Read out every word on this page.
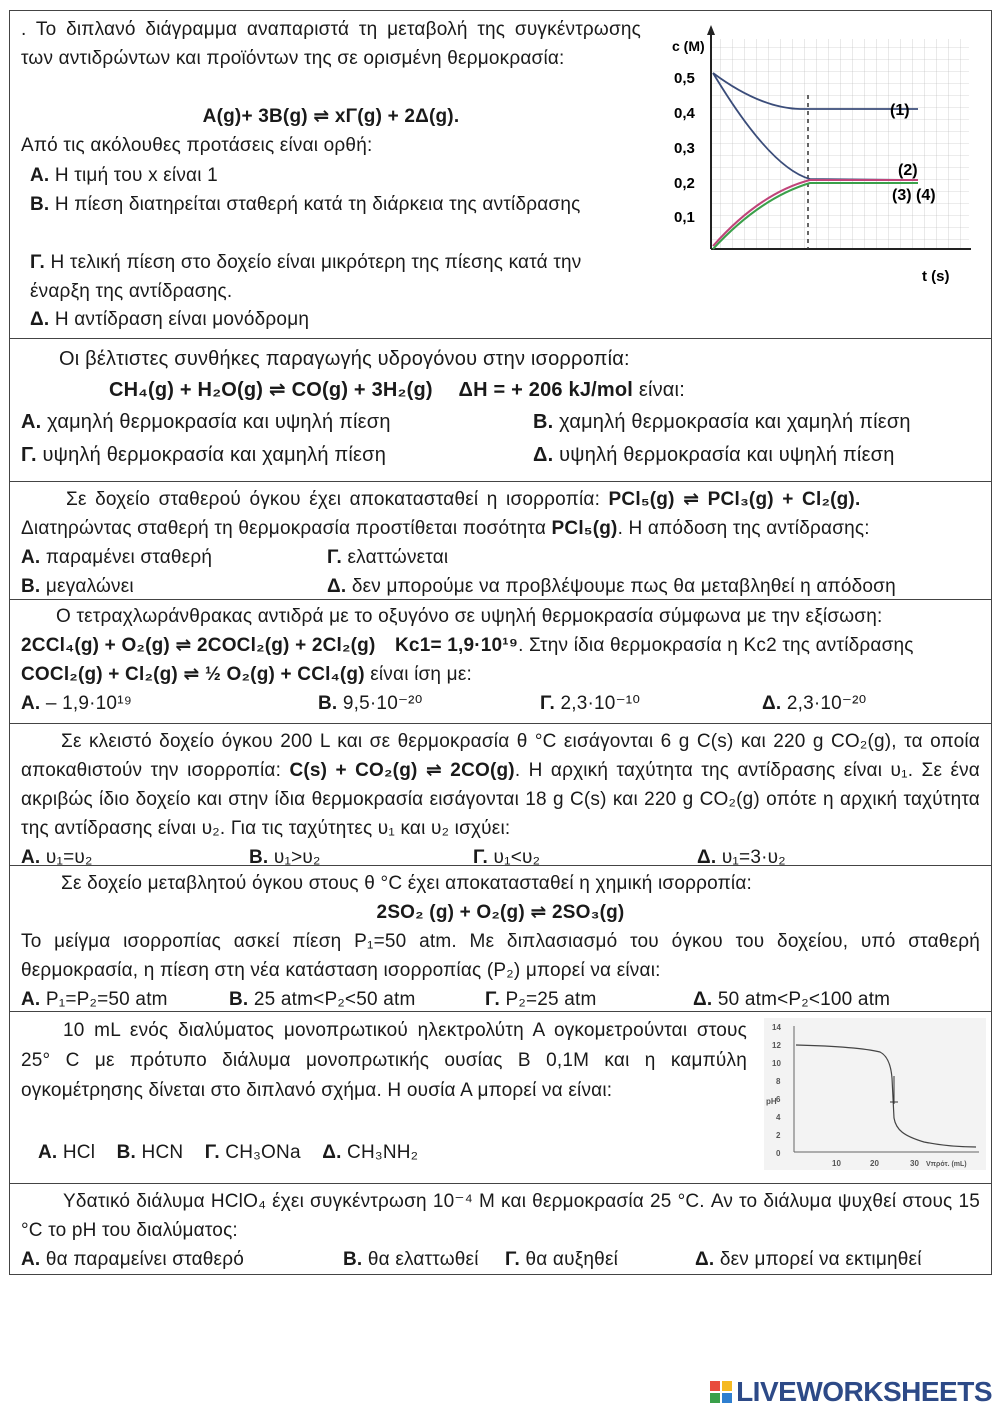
. Το διπλανό διάγραμμα αναπαριστά τη μεταβολή της συγκέντρωσης των αντιδρώντων και προϊόντων της σε ορισμένη θερμοκρασία:
A(g)+ 3B(g) ⇌ xΓ(g) + 2Δ(g).
Από τις ακόλουθες προτάσεις είναι ορθή:
Α. Η τιμή του x είναι 1
Β. Η πίεση διατηρείται σταθερή κατά τη διάρκεια της αντίδρασης
Γ. Η τελική πίεση στο δοχείο είναι μικρότερη της πίεσης κατά την έναρξη της αντίδρασης.
Δ. Η αντίδραση είναι μονόδρομη
c (M)
t (s)
0,5
0,4
0,3
0,2
0,1
(1)
(2)
(3) (4)
Οι βέλτιστες συνθήκες παραγωγής υδρογόνου στην ισορροπία:
CH₄(g) + H₂O(g) ⇌ CO(g) + 3H₂(g) ΔH = + 206 kJ/mol είναι:
Α. χαμηλή θερμοκρασία και υψηλή πίεση	Β. χαμηλή θερμοκρασία και χαμηλή πίεση
Γ. υψηλή θερμοκρασία και χαμηλή πίεση	Δ. υψηλή θερμοκρασία και υψηλή πίεση
Σε δοχείο σταθερού όγκου έχει αποκατασταθεί η ισορροπία: PCl₅(g) ⇌ PCl₃(g) + Cl₂(g).
Διατηρώντας σταθερή τη θερμοκρασία προστίθεται ποσότητα PCl₅(g). Η απόδοση της αντίδρασης:
Α. παραμένει σταθερή	Γ. ελαττώνεται
Β. μεγαλώνει	Δ. δεν μπορούμε να προβλέψουμε πως θα μεταβληθεί η απόδοση
Ο τετραχλωράνθρακας αντιδρά με το οξυγόνο σε υψηλή θερμοκρασία σύμφωνα με την εξίσωση:
2CCl₄(g) + O₂(g) ⇌ 2COCl₂(g) + 2Cl₂(g) Kc1= 1,9·10¹⁹. Στην ίδια θερμοκρασία η Kc2 της αντίδρασης
COCl₂(g) + Cl₂(g) ⇌ ½ O₂(g) + CCl₄(g) είναι ίση με:
Α. – 1,9·10¹⁹	Β. 9,5·10⁻²⁰	Γ. 2,3·10⁻¹⁰	Δ. 2,3·10⁻²⁰
Σε κλειστό δοχείο όγκου 200 L και σε θερμοκρασία θ °C εισάγονται 6 g C(s) και 220 g CO₂(g), τα οποία αποκαθιστούν την ισορροπία: C(s) + CO₂(g) ⇌ 2CO(g). Η αρχική ταχύτητα της αντίδρασης είναι υ₁. Σε ένα ακριβώς ίδιο δοχείο και στην ίδια θερμοκρασία εισάγονται 18 g C(s) και 220 g CO₂(g) οπότε η αρχική ταχύτητα της αντίδρασης είναι υ₂. Για τις ταχύτητες υ₁ και υ₂ ισχύει:
Α. υ₁=υ₂	Β. υ₁>υ₂	Γ. υ₁<υ₂	Δ. υ₁=3·υ₂
Σε δοχείο μεταβλητού όγκου στους θ °C έχει αποκατασταθεί η χημική ισορροπία:
2SO₂ (g) + O₂(g) ⇌ 2SO₃(g)
Το μείγμα ισορροπίας ασκεί πίεση P₁=50 atm. Με διπλασιασμό του όγκου του δοχείου, υπό σταθερή θερμοκρασία, η πίεση στη νέα κατάσταση ισορροπίας (P₂) μπορεί να είναι:
Α. P₁=P₂=50 atm	Β. 25 atm<P₂<50 atm	Γ. P₂=25 atm	Δ. 50 atm<P₂<100 atm
10 mL ενός διαλύματος μονοπρωτικού ηλεκτρολύτη Α ογκομετρούνται στους 25° C με πρότυπο διάλυμα μονοπρωτικής ουσίας Β 0,1Μ και η καμπύλη ογκομέτρησης δίνεται στο διπλανό σχήμα. Η ουσία Α μπορεί να είναι:
Α. HCl Β. HCN Γ. CH₃ONa Δ. CH₃NH₂
14
12
10
8
6
4
2
0
pH
10	20	30 Vπρότ. (mL)
Υδατικό διάλυμα HClO₄ έχει συγκέντρωση 10⁻⁴ Μ και θερμοκρασία 25 °C. Αν το διάλυμα ψυχθεί στους 15 °C το pH του διαλύματος:
Α. θα παραμείνει σταθερό	Β. θα ελαττωθεί	Γ. θα αυξηθεί	Δ. δεν μπορεί να εκτιμηθεί
LIVEWORKSHEETS
